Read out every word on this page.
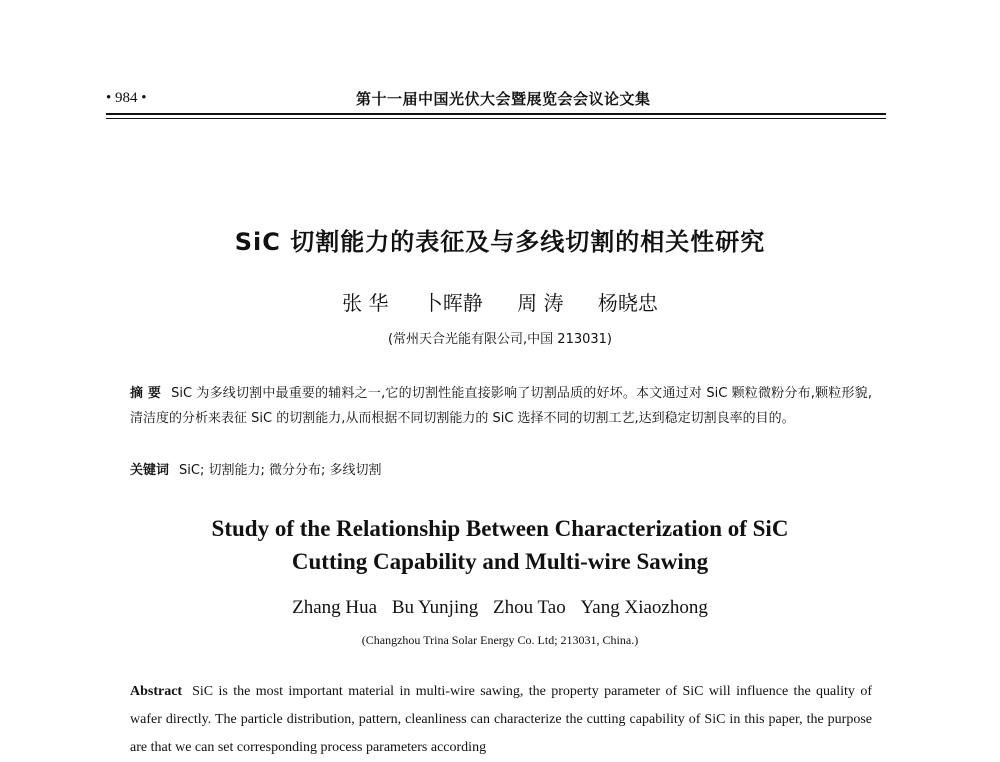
• 984 •	第十一届中国光伏大会暨展览会会议论文集
SiC 切割能力的表征及与多线切割的相关性研究
张 华 卜晖静 周 涛 杨晓忠
(常州天合光能有限公司,中国 213031)
摘 要 SiC 为多线切割中最重要的辅料之一,它的切割性能直接影响了切割品质的好坏。本文通过对 SiC 颗粒微粉分布,颗粒形貌,清洁度的分析来表征 SiC 的切割能力,从而根据不同切割能力的 SiC 选择不同的切割工艺,达到稳定切割良率的目的。
关键词 SiC; 切割能力; 微分分布; 多线切割
Study of the Relationship Between Characterization of SiC
Cutting Capability and Multi-wire Sawing
Zhang Hua Bu Yunjing Zhou Tao Yang Xiaozhong
(Changzhou Trina Solar Energy Co. Ltd; 213031, China.)
Abstract SiC is the most important material in multi-wire sawing, the property parameter of SiC will influence the quality of wafer directly. The particle distribution, pattern, cleanliness can characterize the cutting capability of SiC in this paper, the purpose are that we can set corresponding process parameters according
